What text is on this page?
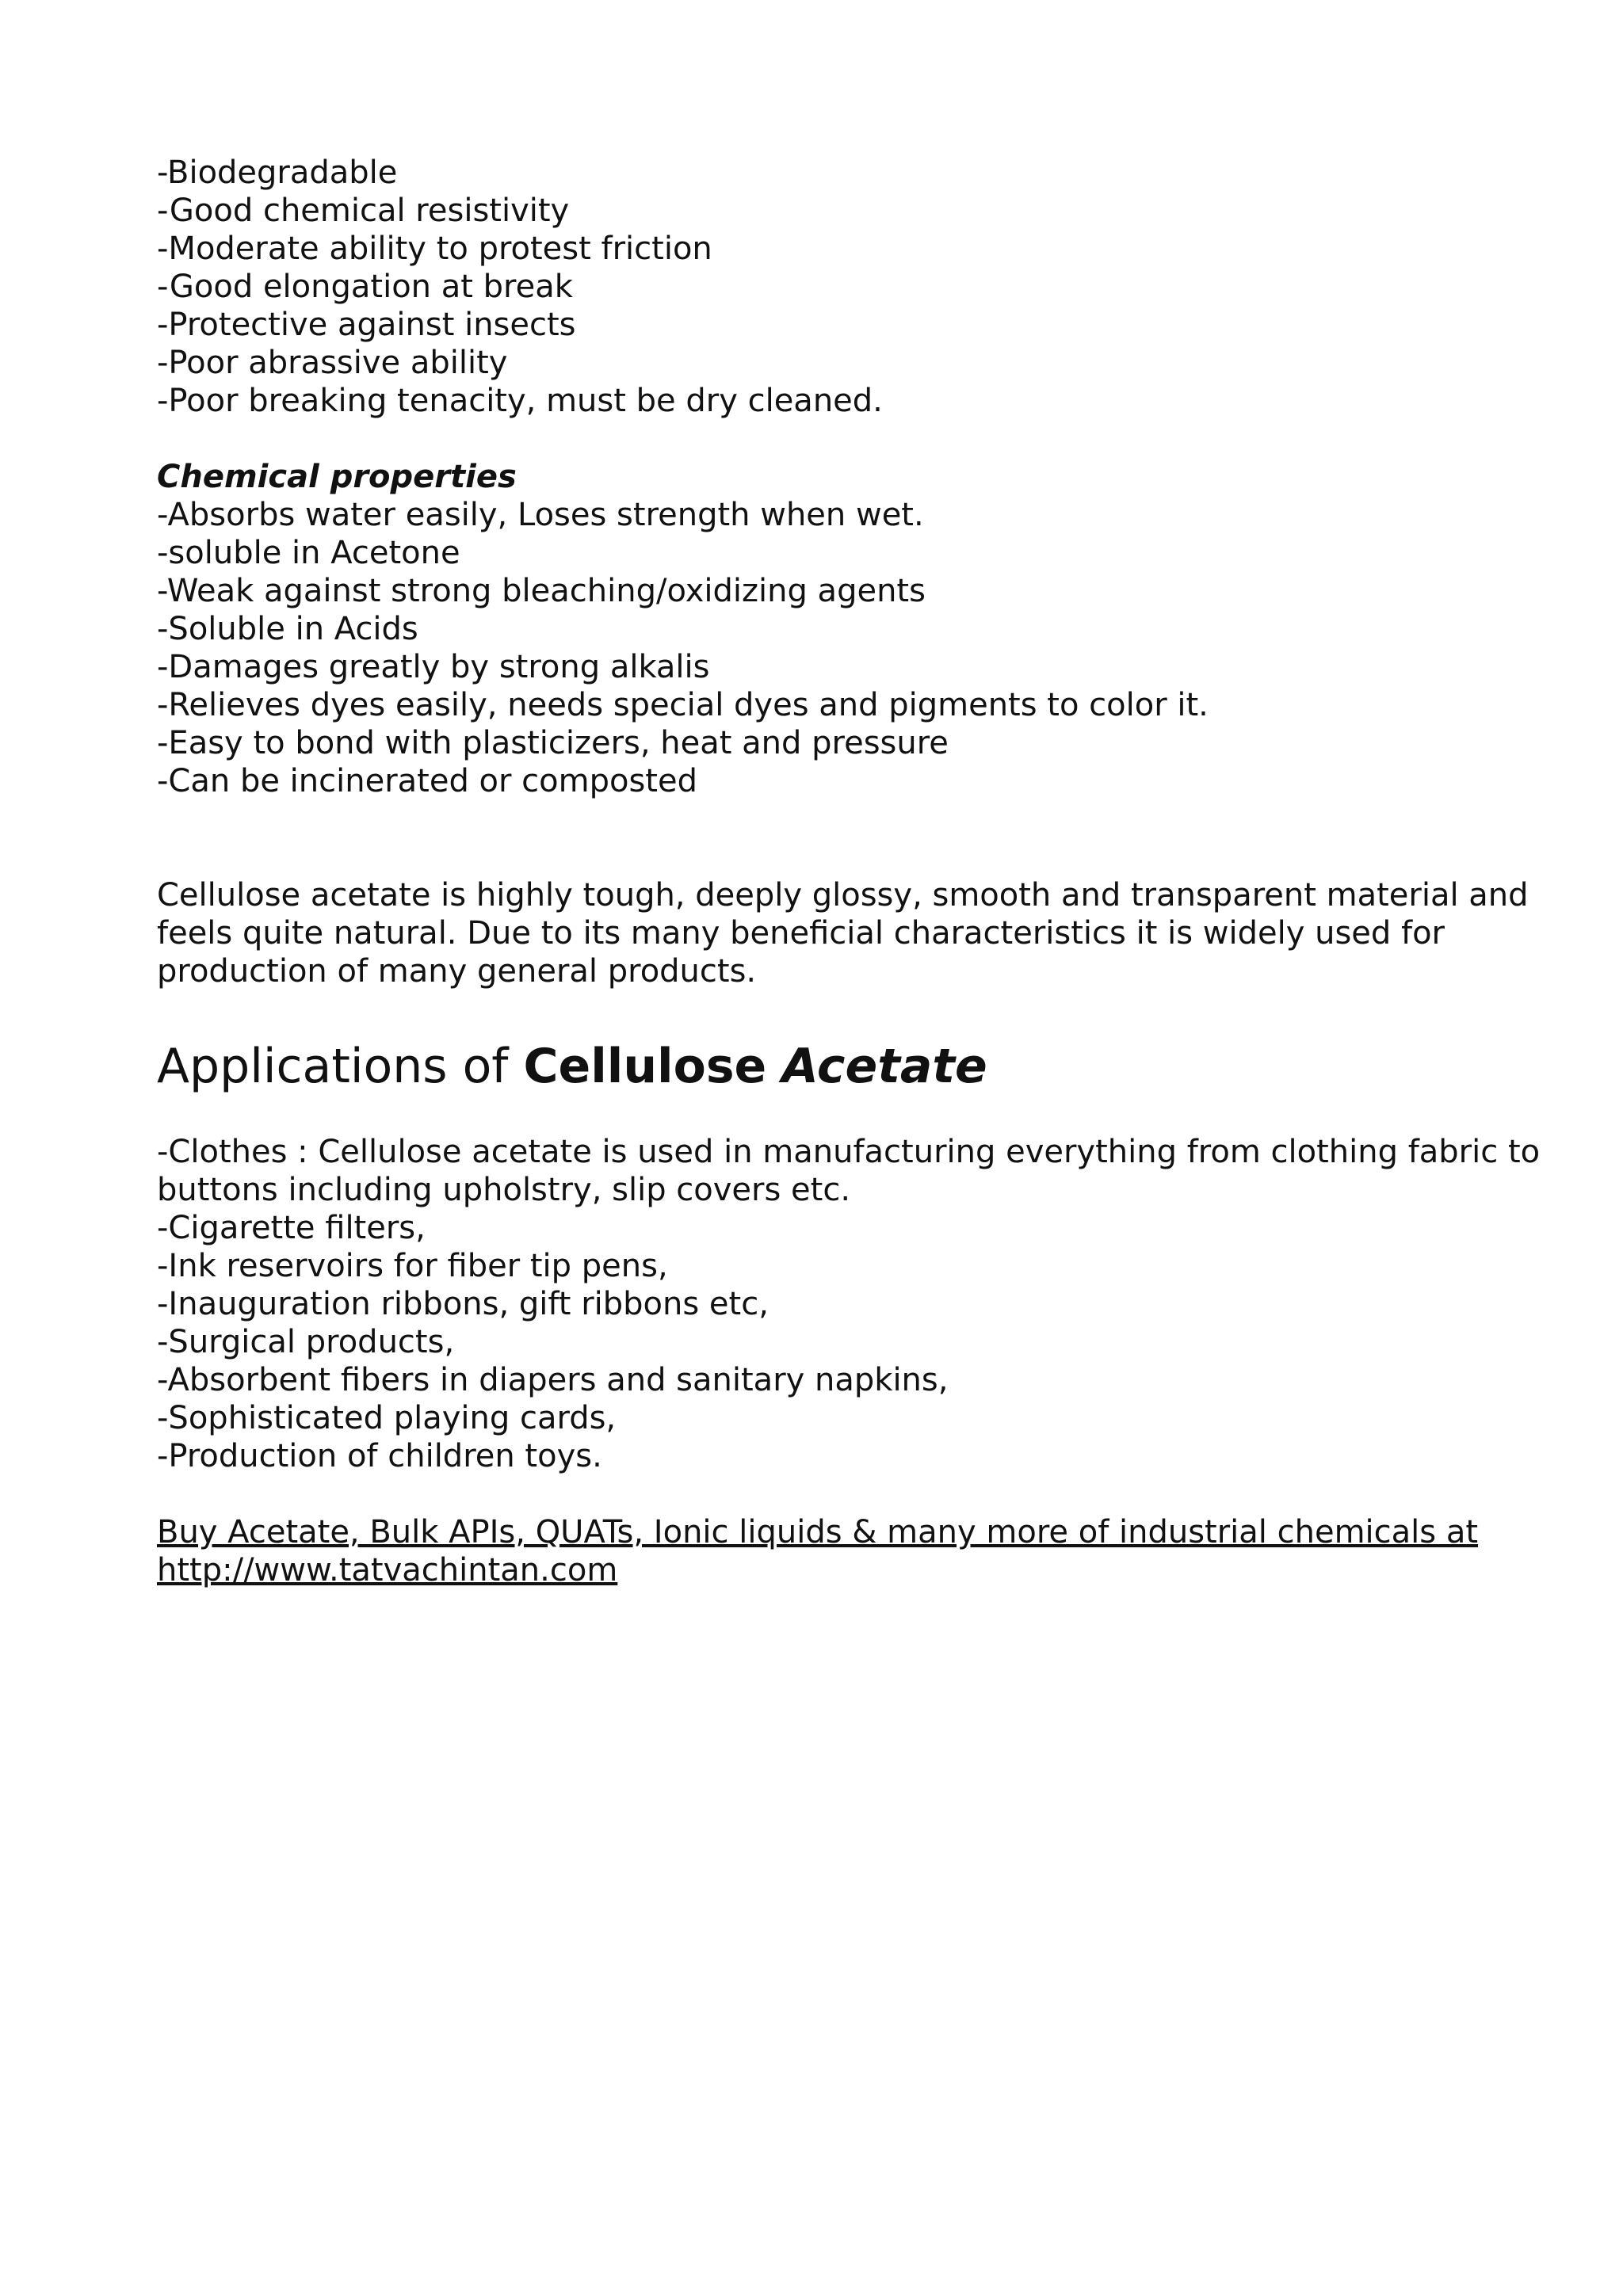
-Biodegradable
-Good chemical resistivity
-Moderate ability to protest friction
-Good elongation at break
-Protective against insects
-Poor abrassive ability
-Poor breaking tenacity, must be dry cleaned.
Chemical properties
-Absorbs water easily, Loses strength when wet.
-soluble in Acetone
-Weak against strong bleaching/oxidizing agents
-Soluble in Acids
-Damages greatly by strong alkalis
-Relieves dyes easily, needs special dyes and pigments to color it.
-Easy to bond with plasticizers, heat and pressure
-Can be incinerated or composted
Cellulose acetate is highly tough, deeply glossy, smooth and transparent material and
feels quite natural. Due to its many beneficial characteristics it is widely used for
production of many general products.
Applications of Cellulose Acetate
-Clothes : Cellulose acetate is used in manufacturing everything from clothing fabric to
buttons including upholstry, slip covers etc.
-Cigarette filters,
-Ink reservoirs for fiber tip pens,
-Inauguration ribbons, gift ribbons etc,
-Surgical products,
-Absorbent fibers in diapers and sanitary napkins,
-Sophisticated playing cards,
-Production of children toys.
Buy Acetate, Bulk APIs, QUATs, Ionic liquids & many more of industrial chemicals at
http://www.tatvachintan.com
